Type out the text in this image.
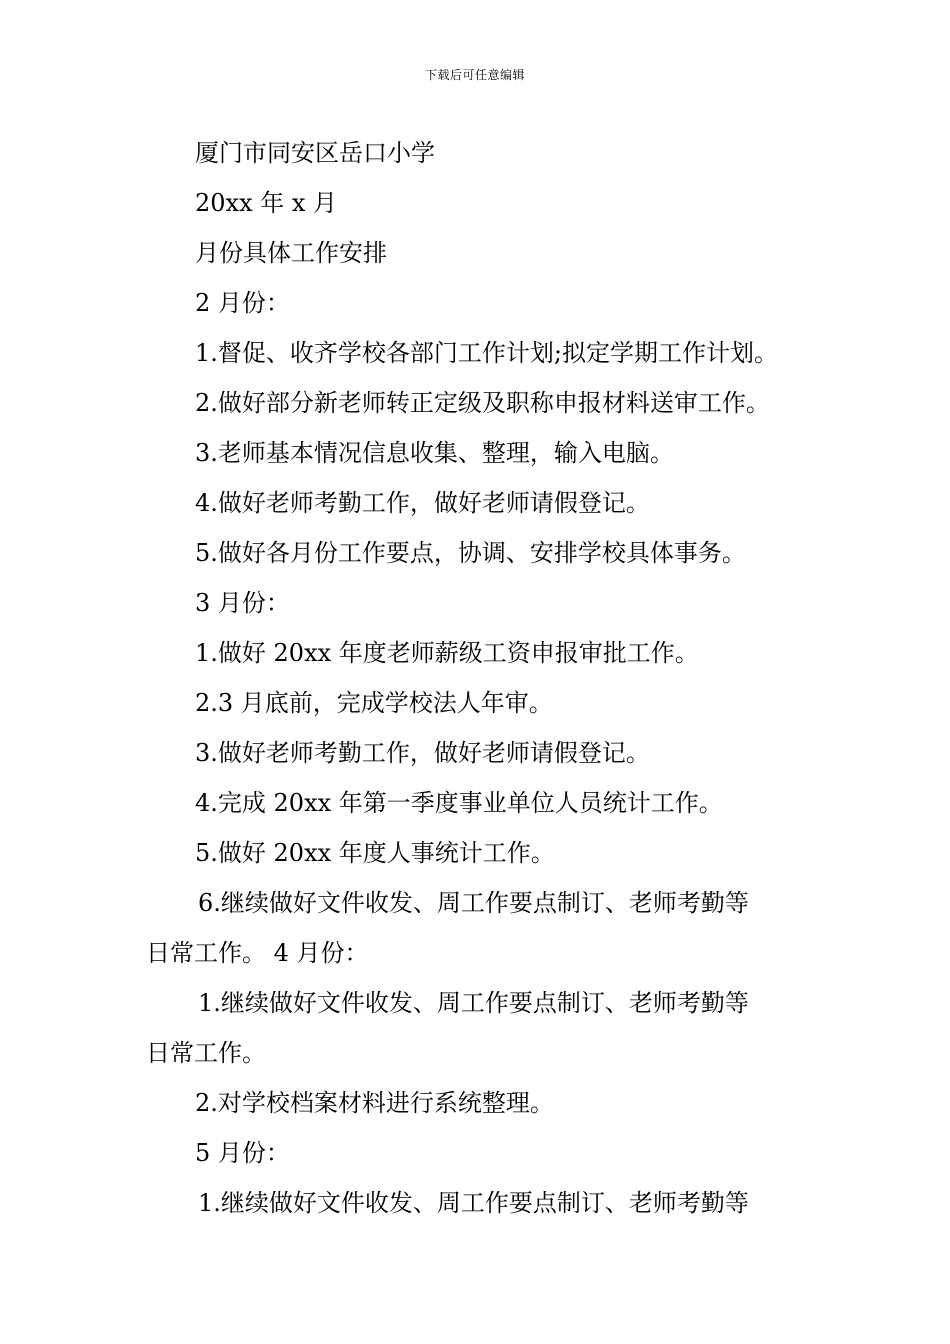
下载后可任意编辑
厦门市同安区岳口小学
20xx 年 x 月
月份具体工作安排
2 月份：
1.督促、收齐学校各部门工作计划;拟定学期工作计划。
2.做好部分新老师转正定级及职称申报材料送审工作。
3.老师基本情况信息收集、整理，输入电脑。
4.做好老师考勤工作，做好老师请假登记。
5.做好各月份工作要点，协调、安排学校具体事务。
3 月份：
1.做好 20xx 年度老师薪级工资申报审批工作。
2.3 月底前，完成学校法人年审。
3.做好老师考勤工作，做好老师请假登记。
4.完成 20xx 年第一季度事业单位人员统计工作。
5.做好 20xx 年度人事统计工作。
6.继续做好文件收发、周工作要点制订、老师考勤等
日常工作。 4 月份：
1.继续做好文件收发、周工作要点制订、老师考勤等
日常工作。
2.对学校档案材料进行系统整理。
5 月份：
1.继续做好文件收发、周工作要点制订、老师考勤等
